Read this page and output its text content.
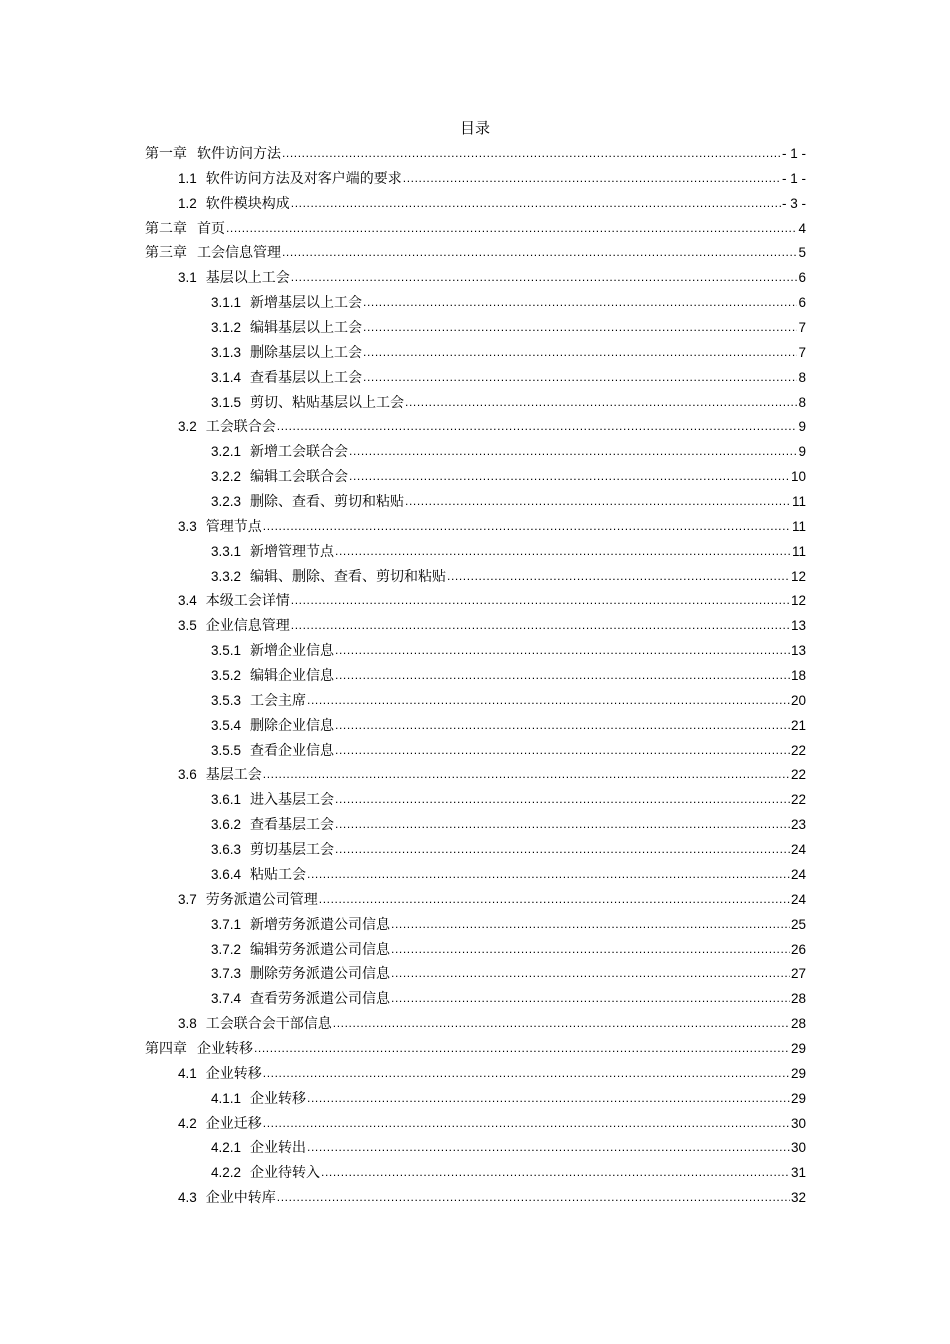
目录
第一章 软件访问方法 .....	- 1 -
1.1 软件访问方法及对客户端的要求 .....	- 1 -
1.2 软件模块构成 .....	- 3 -
第二章 首页 .....	4
第三章 工会信息管理 .....	5
3.1 基层以上工会 .....	6
3.1.1 新增基层以上工会 .....	6
3.1.2 编辑基层以上工会 .....	7
3.1.3 删除基层以上工会 .....	7
3.1.4 查看基层以上工会 .....	8
3.1.5 剪切、粘贴基层以上工会 .....	8
3.2 工会联合会 .....	9
3.2.1 新增工会联合会 .....	9
3.2.2 编辑工会联合会 .....	10
3.2.3 删除、查看、剪切和粘贴 .....	11
3.3 管理节点 .....	11
3.3.1 新增管理节点 .....	11
3.3.2 编辑、删除、查看、剪切和粘贴 .....	12
3.4 本级工会详情 .....	12
3.5 企业信息管理 .....	13
3.5.1 新增企业信息 .....	13
3.5.2 编辑企业信息 .....	18
3.5.3 工会主席 .....	20
3.5.4 删除企业信息 .....	21
3.5.5 查看企业信息 .....	22
3.6 基层工会 .....	22
3.6.1 进入基层工会 .....	22
3.6.2 查看基层工会 .....	23
3.6.3 剪切基层工会 .....	24
3.6.4 粘贴工会 .....	24
3.7 劳务派遣公司管理 .....	24
3.7.1 新增劳务派遣公司信息 .....	25
3.7.2 编辑劳务派遣公司信息 .....	26
3.7.3 删除劳务派遣公司信息 .....	27
3.7.4 查看劳务派遣公司信息 .....	28
3.8 工会联合会干部信息 .....	28
第四章 企业转移 .....	29
4.1 企业转移 .....	29
4.1.1 企业转移 .....	29
4.2 企业迁移 .....	30
4.2.1 企业转出 .....	30
4.2.2 企业待转入 .....	31
4.3 企业中转库 .....	32
